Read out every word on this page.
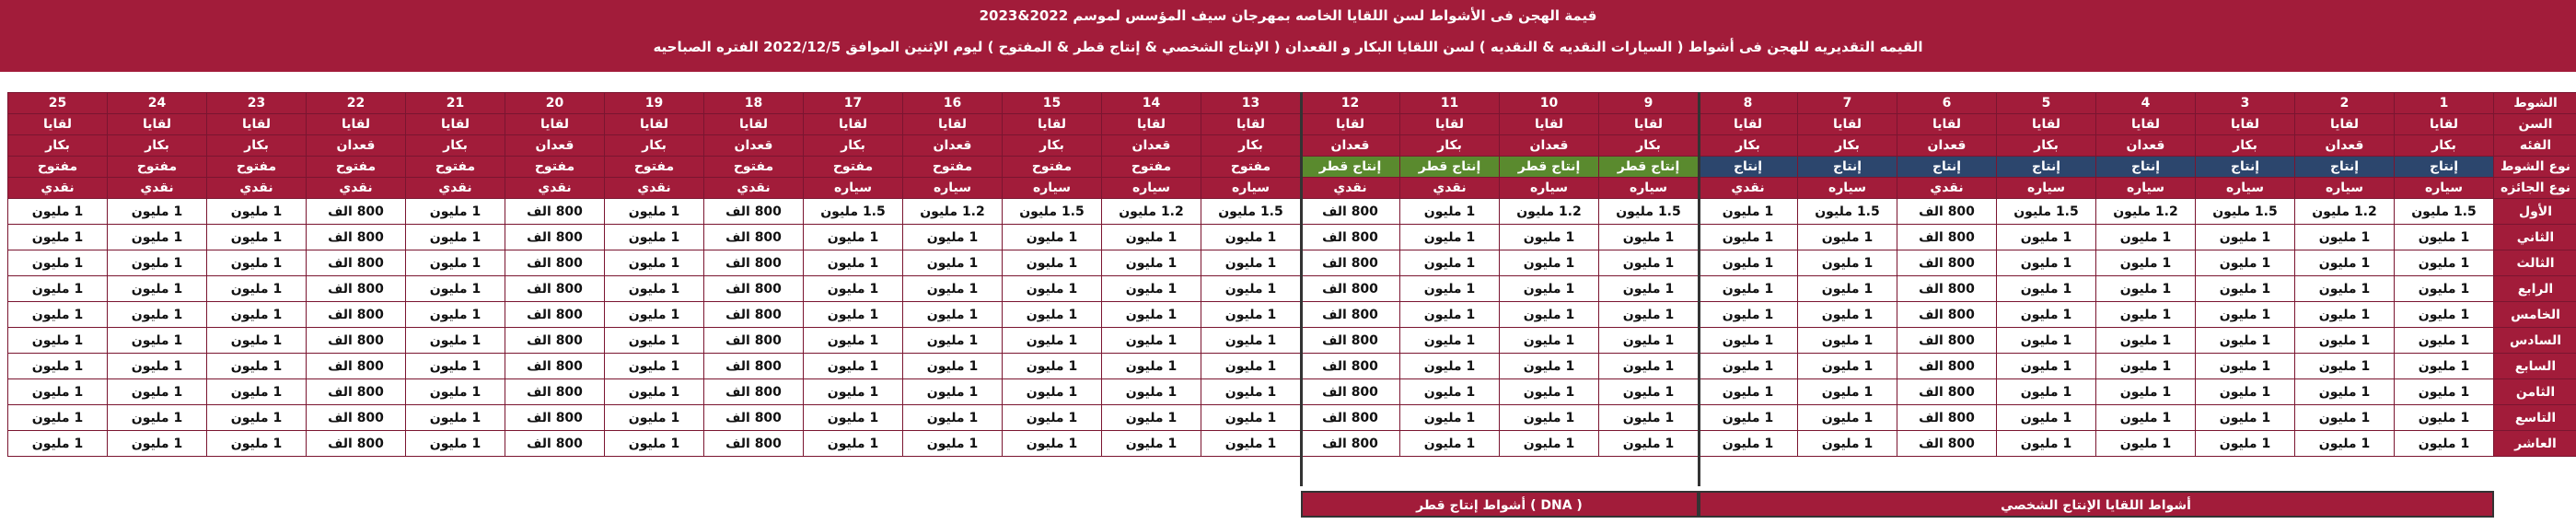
قيمة الهجن فى الأشواط لسن اللقايا الخاصه بمهرجان سيف المؤسس لموسم 2022&2023
القيمه التقديريه للهجن فى أشواط ( السيارات النقديه & النقديه ) لسن اللقايا البكار و القعدان ( الإنتاج الشخصي & إنتاج قطر & المفتوح ) ليوم الإثنين الموافق 2022/12/5 الفتره الصباحيه
الشوط	1	2	3	4	5	6	7	8	9	10	11	12	13	14	15	16	17	18	19	20	21	22	23	24	25
السن	لقايا	لقايا	لقايا	لقايا	لقايا	لقايا	لقايا	لقايا	لقايا	لقايا	لقايا	لقايا	لقايا	لقايا	لقايا	لقايا	لقايا	لقايا	لقايا	لقايا	لقايا	لقايا	لقايا	لقايا	لقايا
الفئه	بكار	قعدان	بكار	قعدان	بكار	قعدان	بكار	بكار	بكار	قعدان	بكار	قعدان	بكار	قعدان	بكار	قعدان	بكار	قعدان	بكار	قعدان	بكار	قعدان	بكار	بكار	بكار
نوع الشوط	إنتاج	إنتاج	إنتاج	إنتاج	إنتاج	إنتاج	إنتاج	إنتاج	إنتاج قطر	إنتاج قطر	إنتاج قطر	إنتاج قطر	مفتوح	مفتوح	مفتوح	مفتوح	مفتوح	مفتوح	مفتوح	مفتوح	مفتوح	مفتوح	مفتوح	مفتوح	مفتوح
نوع الجائزه	سياره	سياره	سياره	سياره	سياره	نقدي	سياره	نقدي	سياره	سياره	نقدي	نقدي	سياره	سياره	سياره	سياره	سياره	نقدي	نقدي	نقدي	نقدي	نقدي	نقدي	نقدي	نقدي
الأول	1.5 مليون	1.2 مليون	1.5 مليون	1.2 مليون	1.5 مليون	800 الف	1.5 مليون	1 مليون	1.5 مليون	1.2 مليون	1 مليون	800 الف	1.5 مليون	1.2 مليون	1.5 مليون	1.2 مليون	1.5 مليون	800 الف	1 مليون	800 الف	1 مليون	800 الف	1 مليون	1 مليون	1 مليون
الثاني	1 مليون	1 مليون	1 مليون	1 مليون	1 مليون	800 الف	1 مليون	1 مليون	1 مليون	1 مليون	1 مليون	800 الف	1 مليون	1 مليون	1 مليون	1 مليون	1 مليون	800 الف	1 مليون	800 الف	1 مليون	800 الف	1 مليون	1 مليون	1 مليون
الثالث	1 مليون	1 مليون	1 مليون	1 مليون	1 مليون	800 الف	1 مليون	1 مليون	1 مليون	1 مليون	1 مليون	800 الف	1 مليون	1 مليون	1 مليون	1 مليون	1 مليون	800 الف	1 مليون	800 الف	1 مليون	800 الف	1 مليون	1 مليون	1 مليون
الرابع	1 مليون	1 مليون	1 مليون	1 مليون	1 مليون	800 الف	1 مليون	1 مليون	1 مليون	1 مليون	1 مليون	800 الف	1 مليون	1 مليون	1 مليون	1 مليون	1 مليون	800 الف	1 مليون	800 الف	1 مليون	800 الف	1 مليون	1 مليون	1 مليون
الخامس	1 مليون	1 مليون	1 مليون	1 مليون	1 مليون	800 الف	1 مليون	1 مليون	1 مليون	1 مليون	1 مليون	800 الف	1 مليون	1 مليون	1 مليون	1 مليون	1 مليون	800 الف	1 مليون	800 الف	1 مليون	800 الف	1 مليون	1 مليون	1 مليون
السادس	1 مليون	1 مليون	1 مليون	1 مليون	1 مليون	800 الف	1 مليون	1 مليون	1 مليون	1 مليون	1 مليون	800 الف	1 مليون	1 مليون	1 مليون	1 مليون	1 مليون	800 الف	1 مليون	800 الف	1 مليون	800 الف	1 مليون	1 مليون	1 مليون
السابع	1 مليون	1 مليون	1 مليون	1 مليون	1 مليون	800 الف	1 مليون	1 مليون	1 مليون	1 مليون	1 مليون	800 الف	1 مليون	1 مليون	1 مليون	1 مليون	1 مليون	800 الف	1 مليون	800 الف	1 مليون	800 الف	1 مليون	1 مليون	1 مليون
الثامن	1 مليون	1 مليون	1 مليون	1 مليون	1 مليون	800 الف	1 مليون	1 مليون	1 مليون	1 مليون	1 مليون	800 الف	1 مليون	1 مليون	1 مليون	1 مليون	1 مليون	800 الف	1 مليون	800 الف	1 مليون	800 الف	1 مليون	1 مليون	1 مليون
التاسع	1 مليون	1 مليون	1 مليون	1 مليون	1 مليون	800 الف	1 مليون	1 مليون	1 مليون	1 مليون	1 مليون	800 الف	1 مليون	1 مليون	1 مليون	1 مليون	1 مليون	800 الف	1 مليون	800 الف	1 مليون	800 الف	1 مليون	1 مليون	1 مليون
العاشر	1 مليون	1 مليون	1 مليون	1 مليون	1 مليون	800 الف	1 مليون	1 مليون	1 مليون	1 مليون	1 مليون	800 الف	1 مليون	1 مليون	1 مليون	1 مليون	1 مليون	800 الف	1 مليون	800 الف	1 مليون	800 الف	1 مليون	1 مليون	1 مليون
أشواط اللقايا الإنتاج الشخصي
أشواط إنتاج قطر ( DNA )
